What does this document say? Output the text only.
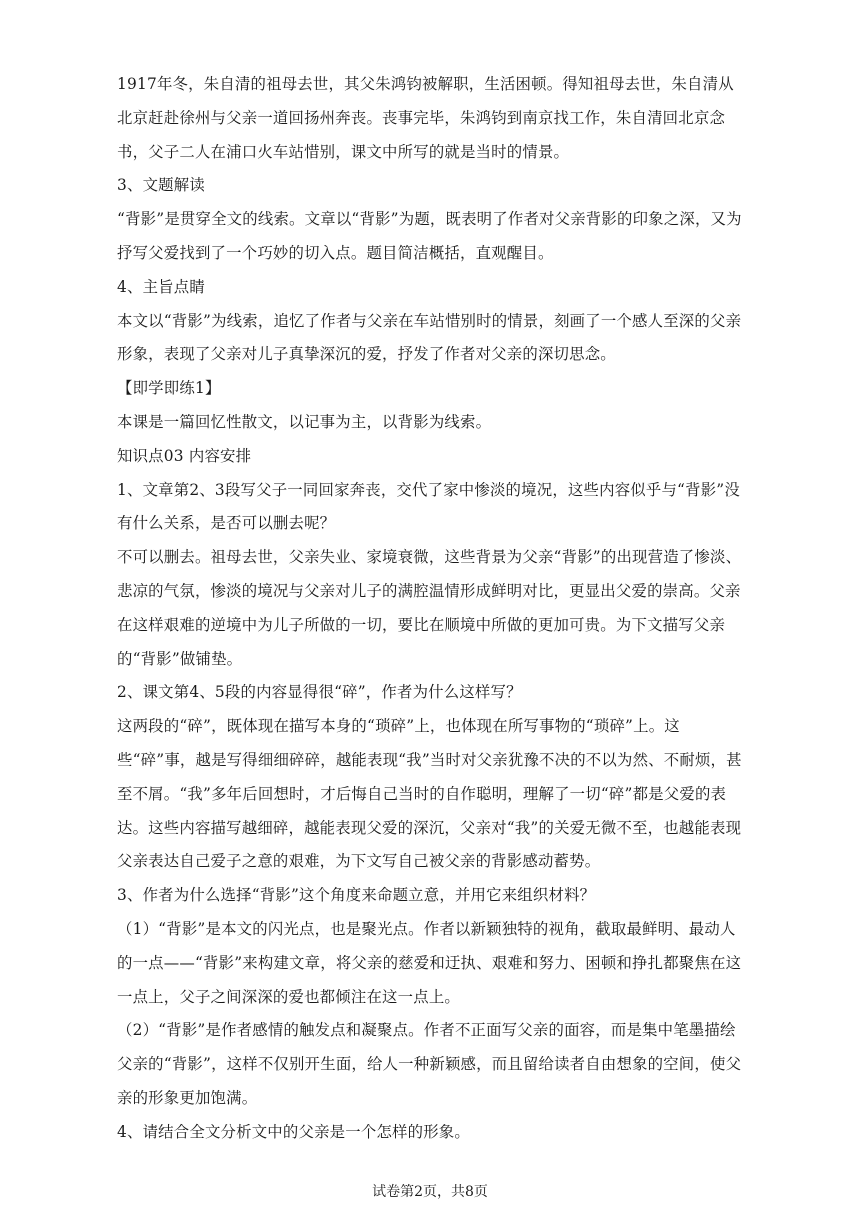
1917年冬，朱自清的祖母去世，其父朱鸿钧被解职，生活困顿。得知祖母去世，朱自清从北京赶赴徐州与父亲一道回扬州奔丧。丧事完毕，朱鸿钧到南京找工作，朱自清回北京念书，父子二人在浦口火车站惜别，课文中所写的就是当时的情景。

3、文题解读

“背影”是贯穿全文的线索。文章以“背影”为题，既表明了作者对父亲背影的印象之深，又为抒写父爱找到了一个巧妙的切入点。题目简洁概括，直观醒目。

4、主旨点睛

本文以“背影”为线索，追忆了作者与父亲在车站惜别时的情景，刻画了一个感人至深的父亲形象，表现了父亲对儿子真挚深沉的爱，抒发了作者对父亲的深切思念。

【即学即练1】

本课是一篇回忆性散文，以记事为主，以背影为线索。

知识点03 内容安排

1、文章第2、3段写父子一同回家奔丧，交代了家中惨淡的境况，这些内容似乎与“背影”没有什么关系，是否可以删去呢？

不可以删去。祖母去世，父亲失业、家境衰微，这些背景为父亲“背影”的出现营造了惨淡、悲凉的气氛，惨淡的境况与父亲对儿子的满腔温情形成鲜明对比，更显出父爱的崇高。父亲在这样艰难的逆境中为儿子所做的一切，要比在顺境中所做的更加可贵。为下文描写父亲的“背影”做铺垫。

2、课文第4、5段的内容显得很“碎”，作者为什么这样写？

这两段的“碎”，既体现在描写本身的“琐碎”上，也体现在所写事物的“琐碎”上。这些“碎”事，越是写得细细碎碎，越能表现“我”当时对父亲犹豫不决的不以为然、不耐烦，甚至不屑。“我”多年后回想时，才后悔自己当时的自作聪明，理解了一切“碎”都是父爱的表达。这些内容描写越细碎，越能表现父爱的深沉，父亲对“我”的关爱无微不至，也越能表现父亲表达自己爱子之意的艰难，为下文写自己被父亲的背影感动蓄势。

3、作者为什么选择“背影”这个角度来命题立意，并用它来组织材料？

（1）“背影”是本文的闪光点，也是聚光点。作者以新颖独特的视角，截取最鲜明、最动人的一点——“背影”来构建文章，将父亲的慈爱和迂执、艰难和努力、困顿和挣扎都聚焦在这一点上，父子之间深深的爱也都倾注在这一点上。

（2）“背影”是作者感情的触发点和凝聚点。作者不正面写父亲的面容，而是集中笔墨描绘父亲的“背影”，这样不仅别开生面，给人一种新颖感，而且留给读者自由想象的空间，使父亲的形象更加饱满。

4、请结合全文分析文中的父亲是一个怎样的形象。

试卷第2页，共8页
